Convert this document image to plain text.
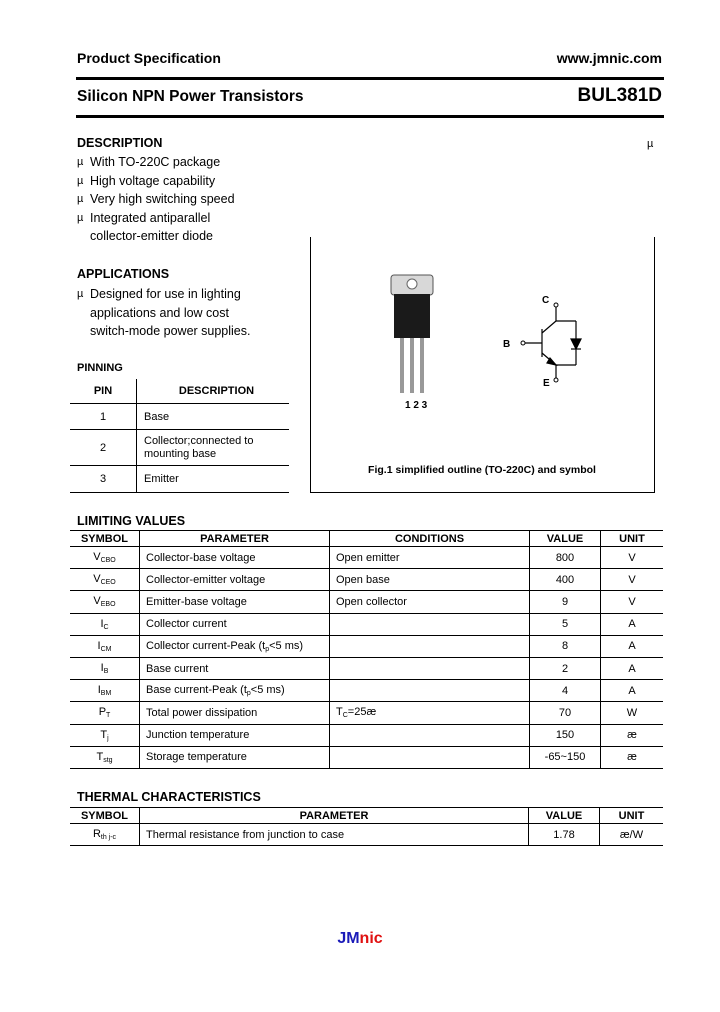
Product Specification	www.jmnic.com
Silicon NPN Power Transistors	BUL381D
DESCRIPTION	µ
µ With TO-220C package
µ High voltage capability
µ Very high switching speed
µ Integrated antiparallel
collector-emitter diode
APPLICATIONS
µ Designed for use in lighting
applications and low cost
switch-mode power supplies.
PINNING
PIN	DESCRIPTION
1	Base
2	Collector;connected to
mounting base
3	Emitter
1 2 3
C
B
E
Fig.1 simplified outline (TO-220C) and symbol
LIMITING VALUES
SYMBOL	PARAMETER	CONDITIONS	VALUE	UNIT
$V_{CBO}$	Collector-base voltage	Open emitter	800	V
$V_{CEO}$	Collector-emitter voltage	Open base	400	V
$V_{EBO}$	Emitter-base voltage	Open collector	9	V
$I_C$	Collector current		5	A
$I_{CM}$	Collector current-Peak ($t_p<5$ ms)		8	A
$I_B$	Base current		2	A
$I_{BM}$	Base current-Peak ($t_p<5$ ms)		4	A
$P_T$	Total power dissipation	$T_C=25æ$	70	W
$T_j$	Junction temperature		150	æ
$T_{stg}$	Storage temperature		-65~150	æ
THERMAL CHARACTERISTICS
SYMBOL	PARAMETER	VALUE	UNIT
$R_{th j-c}$	Thermal resistance from junction to case	1.78	æ/W
JMnic
